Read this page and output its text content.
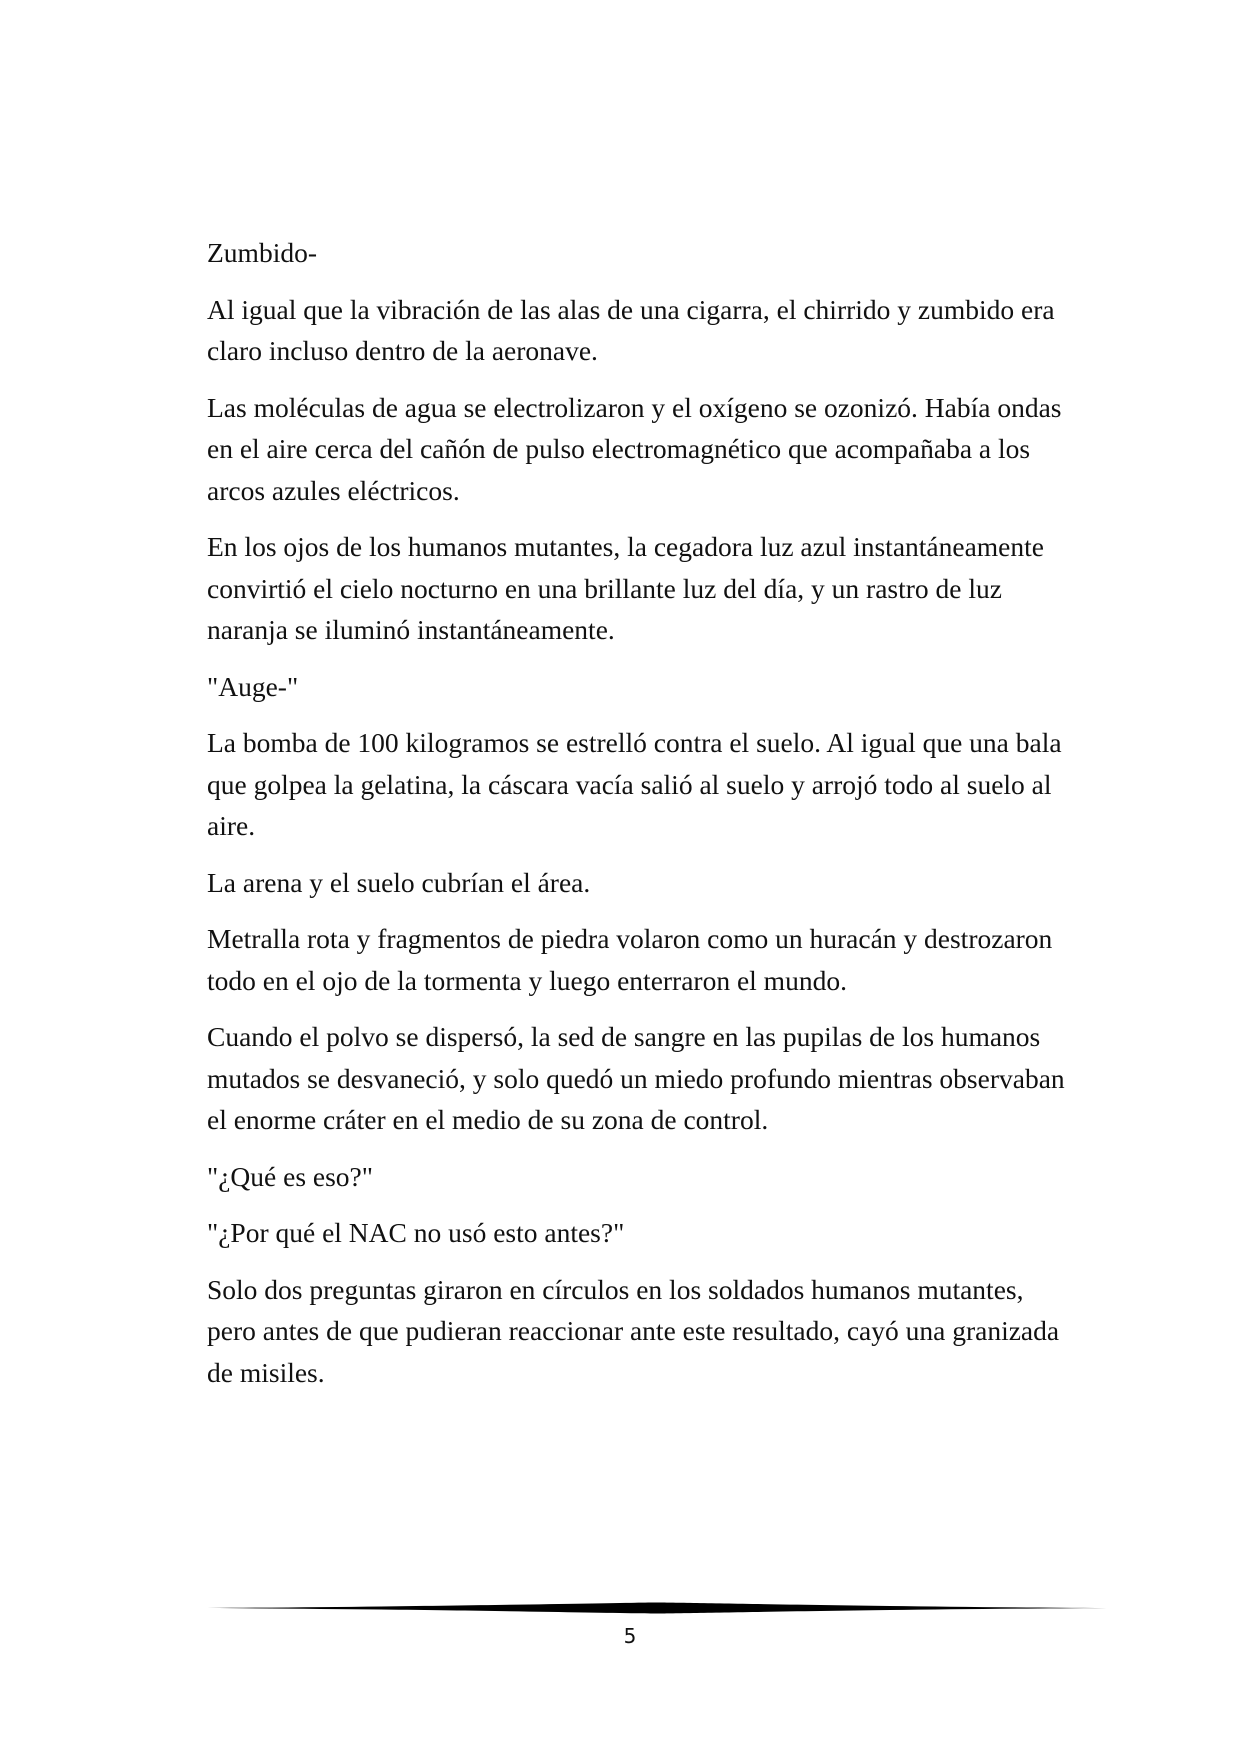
Zumbido-

Al igual que la vibración de las alas de una cigarra, el chirrido y zumbido era claro incluso dentro de la aeronave.

Las moléculas de agua se electrolizaron y el oxígeno se ozonizó. Había ondas en el aire cerca del cañón de pulso electromagnético que acompañaba a los arcos azules eléctricos.

En los ojos de los humanos mutantes, la cegadora luz azul instantáneamente convirtió el cielo nocturno en una brillante luz del día, y un rastro de luz naranja se iluminó instantáneamente.

"Auge-"

La bomba de 100 kilogramos se estrelló contra el suelo. Al igual que una bala que golpea la gelatina, la cáscara vacía salió al suelo y arrojó todo al suelo al aire.

La arena y el suelo cubrían el área.

Metralla rota y fragmentos de piedra volaron como un huracán y destrozaron todo en el ojo de la tormenta y luego enterraron el mundo.

Cuando el polvo se dispersó, la sed de sangre en las pupilas de los humanos mutados se desvaneció, y solo quedó un miedo profundo mientras observaban el enorme cráter en el medio de su zona de control.

"¿Qué es eso?"

"¿Por qué el NAC no usó esto antes?"

Solo dos preguntas giraron en círculos en los soldados humanos mutantes, pero antes de que pudieran reaccionar ante este resultado, cayó una granizada de misiles.

5
